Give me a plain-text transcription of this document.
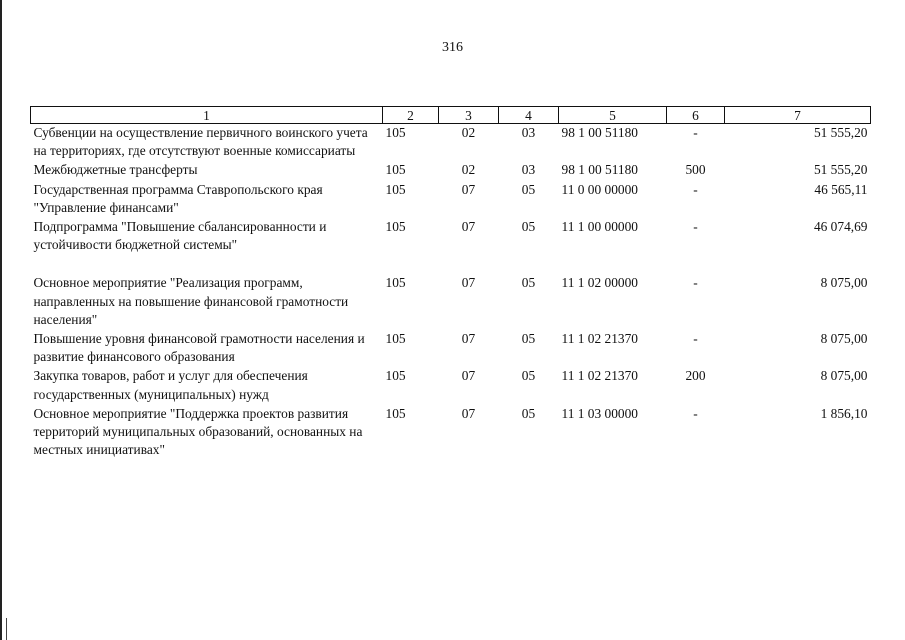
316
1	2	3	4	5	6	7
Субвенции на осуществление первичного воинского учета на территориях, где отсутствуют военные комиссариаты	105	02	03	98 1 00 51180	-	51 555,20
Межбюджетные трансферты	105	02	03	98 1 00 51180	500	51 555,20
Государственная программа Ставропольского края "Управление финансами"	105	07	05	11 0 00 00000	-	46 565,11
Подпрограмма "Повышение сбалансированности и устойчивости бюджетной системы"	105	07	05	11 1 00 00000	-	46 074,69
Основное мероприятие "Реализация программ, направленных на повышение финансовой грамотности населения"	105	07	05	11 1 02 00000	-	8 075,00
Повышение уровня финансовой грамотности населения и развитие финансового образования	105	07	05	11 1 02 21370	-	8 075,00
Закупка товаров, работ и услуг для обеспечения государственных (муниципальных) нужд	105	07	05	11 1 02 21370	200	8 075,00
Основное мероприятие "Поддержка проектов развития территорий муниципальных образований, основанных на местных инициативах"	105	07	05	11 1 03 00000	-	1 856,10
